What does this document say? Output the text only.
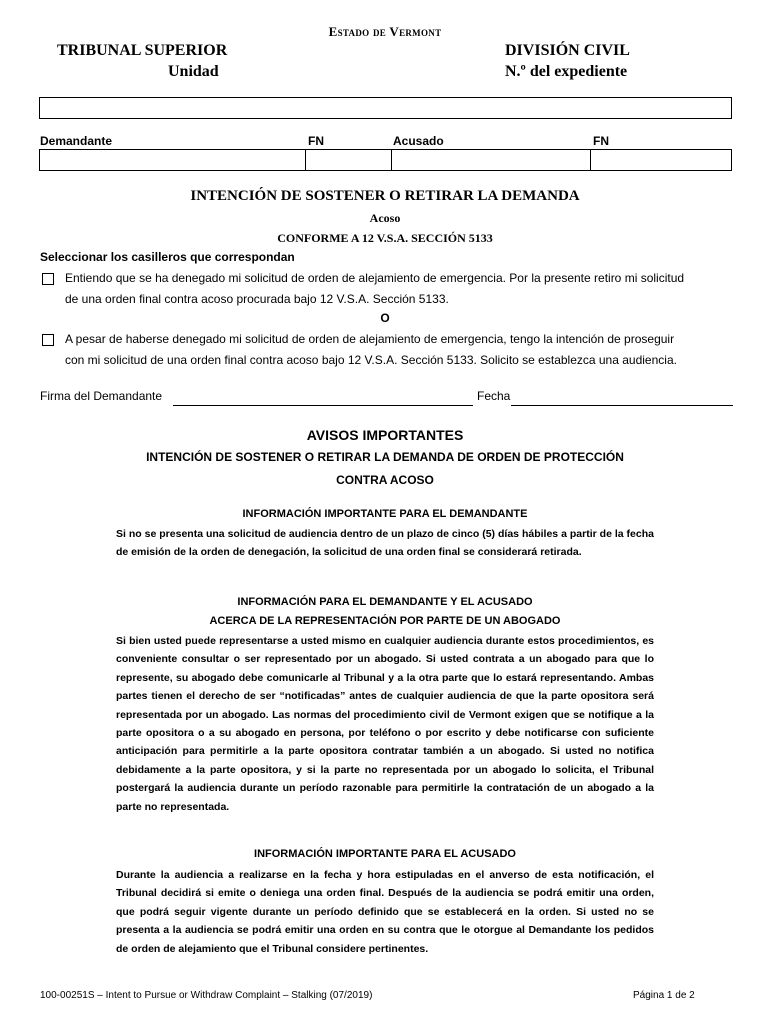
Estado de Vermont
TRIBUNAL SUPERIOR
Unidad
DIVISIÓN CIVIL
N.º del expediente
Demandante	FN	Acusado	FN
INTENCIÓN DE SOSTENER O RETIRAR LA DEMANDA
Acoso
CONFORME A 12 V.S.A. SECCIÓN 5133
Seleccionar los casilleros que correspondan
Entiendo que se ha denegado mi solicitud de orden de alejamiento de emergencia. Por la presente retiro mi solicitud
de una orden final contra acoso procurada bajo 12 V.S.A. Sección 5133.
O
A pesar de haberse denegado mi solicitud de orden de alejamiento de emergencia, tengo la intención de proseguir
con mi solicitud de una orden final contra acoso bajo 12 V.S.A. Sección 5133. Solicito se establezca una audiencia.
Firma del Demandante	Fecha
AVISOS IMPORTANTES
INTENCIÓN DE SOSTENER O RETIRAR LA DEMANDA DE ORDEN DE PROTECCIÓN
CONTRA ACOSO
INFORMACIÓN IMPORTANTE PARA EL DEMANDANTE
Si no se presenta una solicitud de audiencia dentro de un plazo de cinco (5) días hábiles a partir de la fecha de emisión de la orden de denegación, la solicitud de una orden final se considerará retirada.
INFORMACIÓN PARA EL DEMANDANTE Y EL ACUSADO
ACERCA DE LA REPRESENTACIÓN POR PARTE DE UN ABOGADO
Si bien usted puede representarse a usted mismo en cualquier audiencia durante estos procedimientos, es conveniente consultar o ser representado por un abogado. Si usted contrata a un abogado para que lo represente, su abogado debe comunicarle al Tribunal y a la otra parte que lo estará representando. Ambas partes tienen el derecho de ser “notificadas” antes de cualquier audiencia de que la parte opositora será representada por un abogado. Las normas del procedimiento civil de Vermont exigen que se notifique a la parte opositora o a su abogado en persona, por teléfono o por escrito y debe notificarse con suficiente anticipación para permitirle a la parte opositora contratar también a un abogado. Si usted no notifica debidamente a la parte opositora, y si la parte no representada por un abogado lo solicita, el Tribunal postergará la audiencia durante un período razonable para permitirle la contratación de un abogado a la parte no representada.
INFORMACIÓN IMPORTANTE PARA EL ACUSADO
Durante la audiencia a realizarse en la fecha y hora estipuladas en el anverso de esta notificación, el Tribunal decidirá si emite o deniega una orden final. Después de la audiencia se podrá emitir una orden, que podrá seguir vigente durante un período definido que se establecerá en la orden. Si usted no se presenta a la audiencia se podrá emitir una orden en su contra que le otorgue al Demandante los pedidos de orden de alejamiento que el Tribunal considere pertinentes.
100-00251S – Intent to Pursue or Withdraw Complaint – Stalking (07/2019)	Página 1 de 2
